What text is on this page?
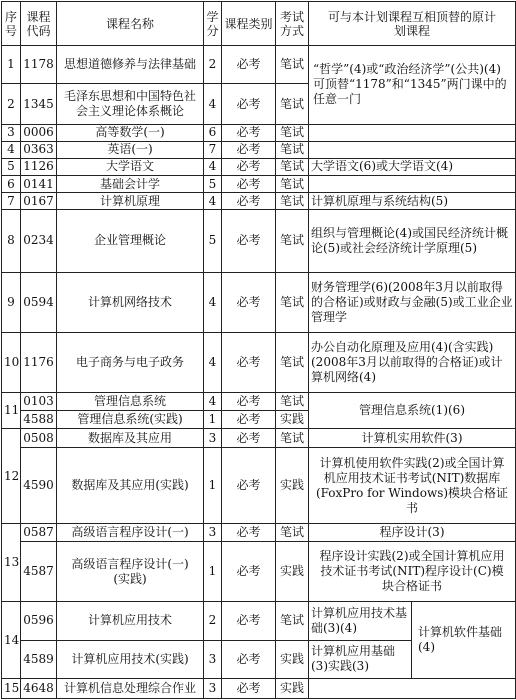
序号	课程代码	课程名称	学分	课程类别	考试方式	可与本计划课程互相顶替的原计划课程	
1	1178	思想道德修养与法律基础	2	必考	笔试	“哲学”(4)或“政治经济学”(公共)(4)可顶替“1178”和“1345”两门课中的任意一门	
2	1345	毛泽东思想和中国特色社会主义理论体系概论	4	必考	笔试		
3	0006	高等数学(一)	6	必考	笔试		
4	0363	英语(一)	7	必考	笔试		
5	1126	大学语文	4	必考	笔试	大学语文(6)或大学语文(4)	
6	0141	基础会计学	5	必考	笔试		
7	0167	计算机原理	4	必考	笔试	计算机原理与系统结构(5)	
8	0234	企业管理概论	5	必考	笔试	组织与管理概论(4)或国民经济统计概论(5)或社会经济统计学原理(5)	
9	0594	计算机网络技术	4	必考	笔试	财务管理学(6)(2008年3月以前取得的合格证)或财政与金融(5)或工业企业管理学	
10	1176	电子商务与电子政务	4	必考	笔试	办公自动化原理及应用(4)(含实践)(2008年3月以前取得的合格证)或计算机网络(4)	
11	0103	管理信息系统	4	必考	笔试	管理信息系统(1)(6)	
	4588	管理信息系统(实践)	1	必考	实践		
12	0508	数据库及其应用	3	必考	笔试	计算机实用软件(3)	
	4590	数据库及其应用(实践)	1	必考	实践	计算机使用软件实践(2)或全国计算机应用技术证书考试(NIT)数据库(FoxPro for Windows)模块合格证书	
13	0587	高级语言程序设计(一)	3	必考	笔试	程序设计(3)	
	4587	高级语言程序设计(一)(实践)	1	必考	实践	程序设计实践(2)或全国计算机应用技术证书考试(NIT)程序设计(C)模块合格证书	
14	0596	计算机应用技术	2	必考	笔试	计算机应用技术基础(3)(4)	计算机软件基础(4)
	4589	计算机应用技术(实践)	3	必考	实践	计算机应用基础(3)实践(3)	
15	4648	计算机信息处理综合作业	3	必考	实践		
